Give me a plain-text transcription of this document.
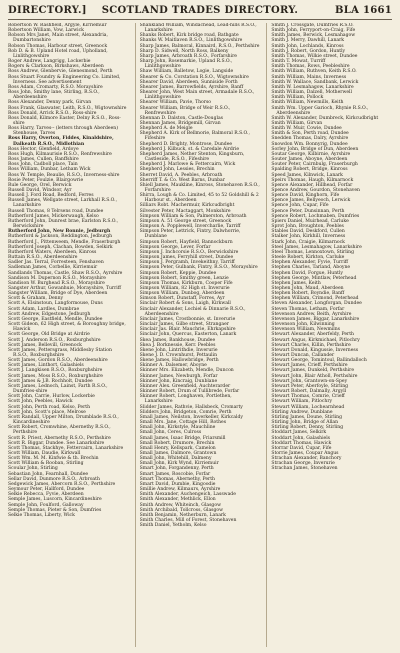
DIRECTORY.]	SCOTLAND TRADES DIRECTORY.	BLA 1661
Robertson W. Rashfield, Argyle, Kirriemuir
Robertson William, Vow, Larwick
Robson Mrs Janet, Main street, Alexandria, Dumbartonshire
Robson Thomas, Harbour street, Greenock
Rob D. & B. Upland Hotel road, Upholland, Linlithgowshire
Roger Andrew, Langrigg, Lockerbie
Rogers & Clarkson, Birkshaws, Aberdeen
Ross Andrew, Glenbervie, Glenesmond, Perth
Ross Stuart Foundry & Engineering Co. Limited, Inverness. See advertisement
Ross Adam, Cromarty, R.S.O. Morayshire
Ross John, Smithy lane, Stirling, R.S.O., Aberdeenshire
Ross Alexander, Denny park, Girvan
Ross Frank, Glaswater, Leith, R.S.O., Wigtownshire
Ross Donald, Arrick R.S.O., Ross-shire
Ross Donald, Kilmore Easter, Delny R.S.O., Ross-shire
Ross Harry, Tarves-- (letters through Aberdeen) Stenhouse, Tarves
Ross Harry, Overton, Fiddes, Kinaldshire, Dalkeath R.S.O., Midlothian
Ross Hector, Glenfield, Ardoye
Ross Hugh, Kilmaurisie R.S.O., Renfrewshire
Ross James, Cullen, Banffshire
Ross John, Cadboll place, Tain
Ross William, Dunbar, Letham Wick
Ross W. Temple, Beaulie, R.S.O., Inverness-shire
Rosie Peter, Foulzie, Blairgowrie
Rule George, Orel, Berwick
Russell David, Windsor, Ayr
Russell J. Ford Road, Bedford, Ferres
Russell James, Wellgate street, Larkhall R.S.O., Lanarkshire
Russell Thomas, 8 Telrsens road, Dundee
Rutherford James, Mickerwaugh, Kelso
Rutherford John, Dunrest brae, Earlston R.S.O., Berwickshire
Rutherford John, New Bonnie, Jedburgh
Rutherford & Jackson, Reddington, Jedburgh
Rutherford J., Pittenweem, Mendle, Fraserburgh
Rutherford Joseph, Clachan, Bowden, Selkirk
Rutherford Waters, Aberdeen, Kinross
Ruttain R.S.O., Aberdeenshire
Sadler Jas. Terral, Forresteen, Fenshaven
Sadleman James, Corbellie, Kirriemuir
Sandlands Thomas, Castle, Shaw R.S.O., Ayrshire
Sandison M. Dupernon R.S.O., Morayshire
Sandison W. Burghead R.S.O., Morayshire
Sangster Arthur, Gowanhuie, Morayshire, Turriff
Sangster William, Bridge of Dye, Aberdeen
Scott & Graham, Denny
Scott A, Elsinstoun, Langformouse, Duns
Scott Adam, Lardles, Dumbrae
Scott Andrew, Edgestone, Jedburgh
Scott George, Eastfield, Mendle, Dundee
Scott Gideon, 62 High street, & Boroughny bridge, Hawick
Scott George, Old Bridge at Airdrie
Scott J. Anderson R.S.O., Roxburghshire
Scott James, Bellevill, Greenock
Scott James, Pettersgrass, Middlesby Station R.S.O., Roxburghshire
Scott James, Gordon R.S.O., Aberdeenshire
Scott James, Linthort, Galashiels
Scott J. Langkisen R.S.O., Roxburghshire
Scott James, Moss R.S.O., Roxburghshire
Scott James & J.B. Rochholt, Dundee
Scott James, Lednoch, Lainst, Farth R.S.O., Dumfries-shire
Scott John, Carrie, Hurlow, Lockerbie
Scott John, Peebles, Hawick
Scott John, Perth road, Kelso, Perth
Scott John, Scott's place, Melrose
Scott Randall, Upper Milton, Drumblade R.S.O., Kincardineshire
Scott Robert, Cromwhine, Abernethy R.S.O., Perthshire
Scott R. Priest, Abernethy R.S.O., Perthshire
Scott R. Biggar, Dundee. See Lanarkshire
Scott Thomas, Stackhye, Fettercairn, Lanarkshire
Scott William, Daudie, Kirkwall
Scott Wm. M. M. Kinfwie & th. Brechin
Scott William & Rooban, Stirling
Scoular John, Stirling
Sebastian John, Fearnhall, Dundee
Sellar David, Dunmore R.S.O., Arbroath
Sedgewick James, Abercorn R.S.O., Perthshire
Seymour Peter, Hallford, Dundee
Selkie Rebecca, Fyvie, Aberdeen
Semple James, Luscorn, Kincardineshire
Semple John, Foulford, Galloway
Semple Thomas, Pieter & Son, Dumfries
Selkie Thomas, Liberty, Wick
Shankland William, Windachead, Lead-hills R.S.O., Lanarkshire
Shanks Robert, Kirk bridge road, Bathgate
Shanks W. Maitlaven R.S.O., Linlithgowshire
Sharp James, Balmoral, Kinnaird, R.S.O., Perthshire
Sharp D. Sidwell, North Ross, Balkeny
Sharp James, Arbroath R.S.O., Forfarshire
Sharp John, Rosemarkie, Upland R.S.O., Linlithgowshire
Shaw William, Balletow, Logie, Langside
Shearer & Co. Corstation R.S.O., Wigtownshire
Shearer David, Aberdeen, Sunniside Forth
Shearer James, Barrowfields, Ayrshire, Banff
Shearer John, West Main street, Armadale R.S.O., Linlithgowshire
Shearer William, Pavie, Thorso
Shearer William, Bridge of Weir R.S.O., Renfrewshire
Shennan D. Dalston, Castle-Douglas
Shennan James, Bridgemill, Girvan
Shepherd A. de Meigle
Shepherd A. Kirk of Bellmorie, Balmoral R.S.O., Fifeshire
Shepherd D. Brighty, Montrose, Dundee
Shepherd J. Kilbuck, st. & Caredale Airdrie
Shepherd James, Nether Stenton, Kingsburn, Castleside, R.S.O., Fifeshire
Shepherd J. Marlowe & Fettercairn, Wick
Shepherd John, Lessies, Brechin
Sherret David, A. Peebles, Arbroath
Sherriff T. & Co. West Barns, Dunbar
Shiell James, Maukline, Kinross, Stonehaven R.S.O., Forfarshire
Shirra, Lough & Co. Limited, 45 to 52 Goldshill & 2 Harbour st., Aberdeen
Silliars Robt. Machermuir, Kirkcudbright
Silvester Peter, Mactaggart, Monkshire
Simpson William & Son, Palmerston, Arbroath
Simpson A. 51 George street, Greenock
Simpson A. Popplewell, Invercharlie, Tarriff
Simpson Peter, Lettrick, Fintry, Dalwhorrie, Dunblane
Simpson Robert, Hayfield, Bannockburn
Simpson George, Lever, Forfar
Simpson J. Inchcorsie R.S.O., Berwickshire
Simpson James, Ferryhill street, Dundee
Simpson J. Pergramh, Invekeithny, Tarriff
Simpson Peter, Gulbank, Fintry, R.S.O., Morayshire
Simpson Robert, Keppie, Dundee
Simpson Robert, Smithy green, Lenzie
Simpson Thomas, Kirkburn, Cooper Fife
Simpson William, 82 High st. Inverurie
Simpson William, Dunbog, Aberdeen
Simson Robert, Dunstaff, Forres, Ayr
Sinclair Robert & Sons, Laigh, Kirkwall
Sinclair Alexander, Lochiel & Dinnarie R.S.O., Aberdeenshire
Sinclair James, Crostbonnie, st. Inverurie
Sinclair James, Gilbe street, Strangaer
Sinclair Jas. Blair. Mauchrie, Ehrkapshire
Sinclair John, Quercus, Easterton, Lanark
Skea James, Bankhouse, Dundee
Skea J. Borknessie, Kerr. Peebles
Skene John, Lintrithdie, Inverurie
Skene J. D. Crownhurst, Pettaulin
Skene James, Hallowbridge, Perth
Skinner A. Dalsemer, Aboyne
Skinner Mrs. Elizabeth, Mendle, Duncon
Skinner James, Newburgh, Forfar
Skinner John, Kincraig, Dunblane
Skinner Alex. Greenfield, Auchterarder
Skinner Robert, Drum of Tullibrede, Forfar
Skinner Robert, Longhaven, Portlethen, Lanarkshire
Slidder James, Rathvie, Hallsbeck, Cromarty
Slidders John, Bridgeton, Comrie, Perth
Small James, Neilston, Inverkeller, Kirkcaldy
Small Mrs. Jane, Cottage Hill, Rothes
Small John, Kirkstyle, Mauchline
Small John, Ceres, Culross
Small James, Isaac Bridge, Friarsmill
Small Robert, Drumore, Brechin
Small Henry, Kellspark, Camelon
Small James, Dalmore, Grantown
Small John, Whitehill, Dalmeny
Small John, Kirk Wynd, Kirriemuir
Smart John, Forgandenny, Perth
Smart James, Roscobie, Forfar
Smart Thomas, Abernethy, Perth
Smart David, Dumbie, Kingoodie
Smillie Andrew, Kilmaurs, Ayrshire
Smith Alexander, Auchengeich, Lasswade
Smith Alexander, Methlick, Ellon
Smith Andrew, Whiteinch, Glasgow
Smith Archibald, Tollcross, Glasgow
Smith Benjamin, Netherburn, Lanark
Smith Charles, Mill of Forest, Stonehaven
Smith Daniel, Yetholm, Kelso
Smith J. Crossgate, Dumfries R.S.O.
Smith John, Ferryport-on-Craig, Fife
Smith James, Berwick, Lesmahagow
Smith J. Merry, Dawhill, Lanark
Smith John, Lochlands, Kinross
Smith J. Robert, Gordon, Huntly
Smith Thomas, Wilkie street, Dundee
Smith T. Mowat, Turriff
Smith Thomas, Rows, Peebleshire
Smith William, Ruthven, Keith R.S.O.
Smith William, Mains, Inverness
Smith W. Wallace, Sandbank, Lerwick
Smith W. Lesmahagow, Lanarkshire
Smith William, Dalzell, Motherwell
Smith William, Pollock
Smith William, Newmills, Keith
Smith Wm. Upper Garioch, Rhynie R.S.O., Aberdeenshire
Smith W. Alexander, Dumbreck, Kirkcudbright
Smith William, Girvan
Smith W. Muir, Cowie, Dundee
Smith & Son, Perth road, Dundee
Snedden Thomas, Dalry, Ayrshire
Snowdon Wm. Bonnyrig, Dundee
Sorley John, Bridge of Dun, Aberdeen
Soutar George, Kilbirnie, Ayrshire
Souter James, Aboyne, Aberdeen
Souter Peter, Cairnbulg, Fraserburgh
Spalding Robert, Bridge, Kinross
Speed James, Kilnwick, Lanark
Speirs Thomas, Haugh, Kilmarnock
Spence Alexander, Hillhead, Forfar
Spence Andrew, Gourdon, Stonehaven
Spence David, Kinghorn, Fife
Spence James, Bellyeoch, Lerwick
Spence John, Cupar, Fife
Spence Peter, Dunsinnan, Perth
Spence Robert, Lochmaben, Dumfries
Spiers Daniel, Muirhead, Carluke
Sprot John, Broughton, Peebles
Stables David, Deskford, Cullen
Stalker John, Kirkhill, Inverness
Stark John, Craigie, Kilmarnock
Steel James, Lesmahagow, Lanarkshire
Steel Thomas, Lennoxtown, Stirling
Steele Robert, Kirkton, Carluke
Stephen Alexander, Fyvie, Turriff
Stephen Charles, Tarland, Aboyne
Stephen David, Forgue, Huntly
Stephen George, Mintlaw, Peterhead
Stephen James, Keith
Stephen John, Maud, Aberdeen
Stephen Robert, Boyndie, Banff
Stephen William, Crimond, Peterhead
Steven Alexander, Longforgan, Dundee
Steven Thomas, Letham, Forfar
Stevenson Andrew, Beith, Ayrshire
Stevenson James, Biggar, Lanarkshire
Stevenson John, Kilwinning
Stevenson William, Newmilns
Stewart Alexander, Aberfeldy, Perth
Stewart Angus, Kirkmichael, Pitlochry
Stewart Charles, Killin, Perthshire
Stewart Donald, Kingussie, Inverness
Stewart Duncan, Callander
Stewart George, Tomintoul, Ballindalloch
Stewart James, Crieff, Perthshire
Stewart James, Dunkeld, Perthshire
Stewart John, Blair Atholl, Perthshire
Stewart John, Grantown-on-Spey
Stewart Peter, Aberfoyle, Stirling
Stewart Robert, Dalmally, Argyll
Stewart Thomas, Comrie, Crieff
Stewart William, Pitlochry
Stewart William, Lochearnhead
Stirling Andrew, Dunblane
Stirling James, Doune, Stirling
Stirling John, Bridge of Allan
Stirling Robert, Denny, Stirling
Stoddart James, Selkirk
Stoddart John, Galashiels
Stoddart Thomas, Hawick
Storrar David, Cupar, Fife
Storrie James, Coupar Angus
Strachan Alexander, Banchory
Strachan George, Inverurie
Strachan James, Stonehaven
